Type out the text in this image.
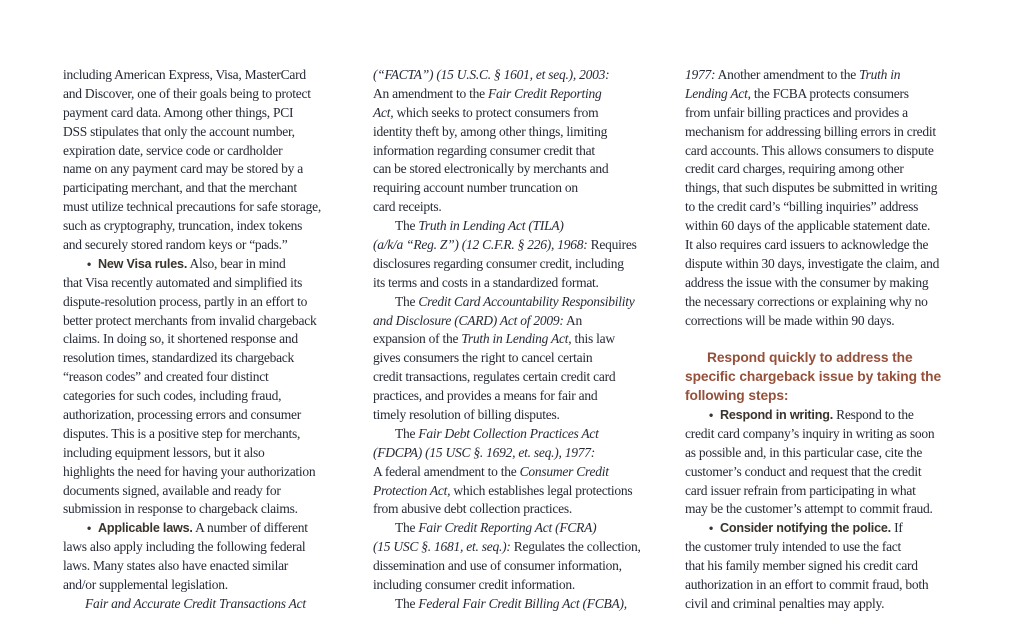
including American Express, Visa, MasterCard
and Discover, one of their goals being to protect
payment card data. Among other things, PCI
DSS stipulates that only the account number,
expiration date, service code or cardholder
name on any payment card may be stored by a
participating merchant, and that the merchant
must utilize technical precautions for safe storage,
such as cryptography, truncation, index tokens
and securely stored random keys or “pads.”
• New Visa rules. Also, bear in mind
that Visa recently automated and simplified its
dispute-resolution process, partly in an effort to
better protect merchants from invalid chargeback
claims. In doing so, it shortened response and
resolution times, standardized its chargeback
“reason codes” and created four distinct
categories for such codes, including fraud,
authorization, processing errors and consumer
disputes. This is a positive step for merchants,
including equipment lessors, but it also
highlights the need for having your authorization
documents signed, available and ready for
submission in response to chargeback claims.
• Applicable laws. A number of different
laws also apply including the following federal
laws. Many states also have enacted similar
and/or supplemental legislation.
Fair and Accurate Credit Transactions Act
(“FACTA”) (15 U.S.C. § 1601, et seq.), 2003:
An amendment to the Fair Credit Reporting
Act, which seeks to protect consumers from
identity theft by, among other things, limiting
information regarding consumer credit that
can be stored electronically by merchants and
requiring account number truncation on
card receipts.
The Truth in Lending Act (TILA)
(a/k/a “Reg. Z”) (12 C.F.R. § 226), 1968: Requires
disclosures regarding consumer credit, including
its terms and costs in a standardized format.
The Credit Card Accountability Responsibility
and Disclosure (CARD) Act of 2009: An
expansion of the Truth in Lending Act, this law
gives consumers the right to cancel certain
credit transactions, regulates certain credit card
practices, and provides a means for fair and
timely resolution of billing disputes.
The Fair Debt Collection Practices Act
(FDCPA) (15 USC §. 1692, et. seq.), 1977:
A federal amendment to the Consumer Credit
Protection Act, which establishes legal protections
from abusive debt collection practices.
The Fair Credit Reporting Act (FCRA)
(15 USC §. 1681, et. seq.): Regulates the collection,
dissemination and use of consumer information,
including consumer credit information.
The Federal Fair Credit Billing Act (FCBA),
1977: Another amendment to the Truth in
Lending Act, the FCBA protects consumers
from unfair billing practices and provides a
mechanism for addressing billing errors in credit
card accounts. This allows consumers to dispute
credit card charges, requiring among other
things, that such disputes be submitted in writing
to the credit card’s “billing inquiries” address
within 60 days of the applicable statement date.
It also requires card issuers to acknowledge the
dispute within 30 days, investigate the claim, and
address the issue with the consumer by making
the necessary corrections or explaining why no
corrections will be made within 90 days.
Respond quickly to address the
specific chargeback issue by taking the
following steps:
• Respond in writing. Respond to the
credit card company’s inquiry in writing as soon
as possible and, in this particular case, cite the
customer’s conduct and request that the credit
card issuer refrain from participating in what
may be the customer’s attempt to commit fraud.
• Consider notifying the police. If
the customer truly intended to use the fact
that his family member signed his credit card
authorization in an effort to commit fraud, both
civil and criminal penalties may apply.
